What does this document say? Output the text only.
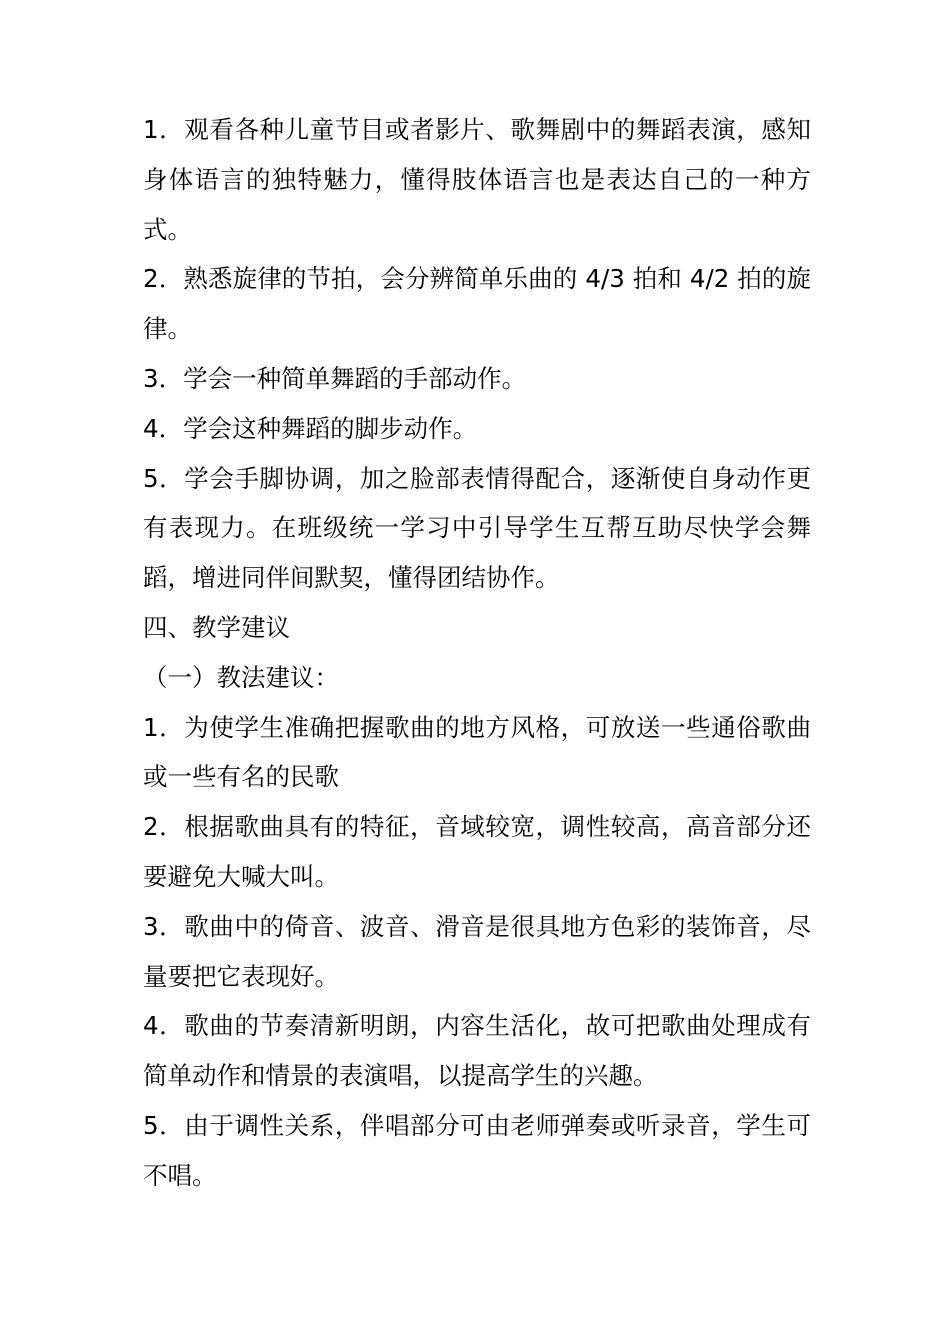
1．观看各种儿童节目或者影片、歌舞剧中的舞蹈表演，感知身体语言的独特魅力，懂得肢体语言也是表达自己的一种方式。

2．熟悉旋律的节拍，会分辨简单乐曲的 4/3 拍和 4/2 拍的旋律。

3．学会一种简单舞蹈的手部动作。

4．学会这种舞蹈的脚步动作。

5．学会手脚协调，加之脸部表情得配合，逐渐使自身动作更有表现力。在班级统一学习中引导学生互帮互助尽快学会舞蹈，增进同伴间默契，懂得团结协作。

四、教学建议

（一）教法建议：

1．为使学生准确把握歌曲的地方风格，可放送一些通俗歌曲或一些有名的民歌

2．根据歌曲具有的特征，音域较宽，调性较高，高音部分还要避免大喊大叫。

3．歌曲中的倚音、波音、滑音是很具地方色彩的装饰音，尽量要把它表现好。

4．歌曲的节奏清新明朗，内容生活化，故可把歌曲处理成有简单动作和情景的表演唱，以提高学生的兴趣。

5．由于调性关系，伴唱部分可由老师弹奏或听录音，学生可不唱。
